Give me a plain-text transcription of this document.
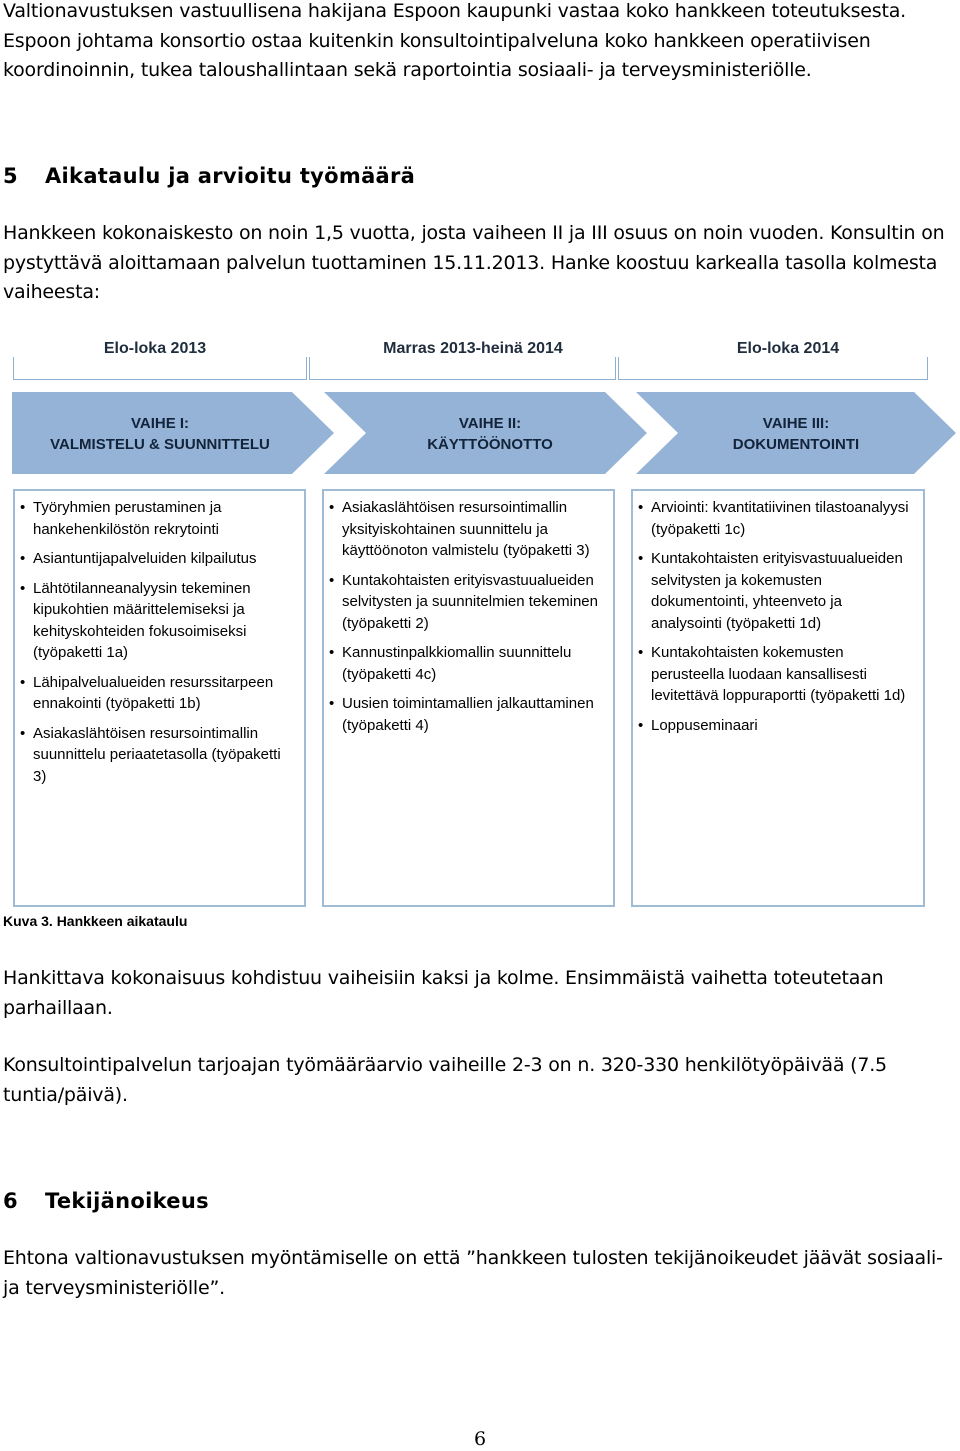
Valtionavustuksen vastuullisena hakijana Espoon kaupunki vastaa koko hankkeen toteutuksesta. Espoon johtama konsortio ostaa kuitenkin konsultointipalveluna koko hankkeen operatiivisen koordinoinnin, tukea taloushallintaan sekä raportointia sosiaali- ja terveysministeriölle.

5 Aikataulu ja arvioitu työmäärä

Hankkeen kokonaiskesto on noin 1,5 vuotta, josta vaiheen II ja III osuus on noin vuoden. Konsultin on pystyttävä aloittamaan palvelun tuottaminen 15.11.2013. Hanke koostuu karkealla tasolla kolmesta vaiheesta:

Elo-loka 2013	Marras 2013-heinä 2014	Elo-loka 2014
VAIHE I:
VALMISTELU & SUUNNITTELU
VAIHE II:
KÄYTTÖÖNOTTO
VAIHE III:
DOKUMENTOINTI
• Työryhmien perustaminen ja hankehenkilöstön rekrytointi
• Asiantuntijapalveluiden kilpailutus
• Lähtötilanneanalyysin tekeminen kipukohtien määrittelemiseksi ja kehityskohteiden fokusoimiseksi (työpaketti 1a)
• Lähipalvelualueiden resurssitarpeen ennakointi (työpaketti 1b)
• Asiakaslähtöisen resursointimallin suunnittelu periaatetasolla (työpaketti 3)
• Asiakaslähtöisen resursointimallin yksityiskohtainen suunnittelu ja käyttöönoton valmistelu (työpaketti 3)
• Kuntakohtaisten erityisvastuualueiden selvitysten ja suunnitelmien tekeminen (työpaketti 2)
• Kannustinpalkkiomallin suunnittelu (työpaketti 4c)
• Uusien toimintamallien jalkauttaminen (työpaketti 4)
• Arviointi: kvantitatiivinen tilastoanalyysi (työpaketti 1c)
• Kuntakohtaisten erityisvastuualueiden selvitysten ja kokemusten dokumentointi, yhteenveto ja analysointi (työpaketti 1d)
• Kuntakohtaisten kokemusten perusteella luodaan kansallisesti levitettävä loppuraportti (työpaketti 1d)
• Loppuseminaari
Kuva 3. Hankkeen aikataulu

Hankittava kokonaisuus kohdistuu vaiheisiin kaksi ja kolme. Ensimmäistä vaihetta toteutetaan parhaillaan.

Konsultointipalvelun tarjoajan työmääräarvio vaiheille 2-3 on n. 320-330 henkilötyöpäivää (7.5 tuntia/päivä).

6 Tekijänoikeus

Ehtona valtionavustuksen myöntämiselle on että ”hankkeen tulosten tekijänoikeudet jäävät sosiaali- ja terveysministeriölle”.

6
